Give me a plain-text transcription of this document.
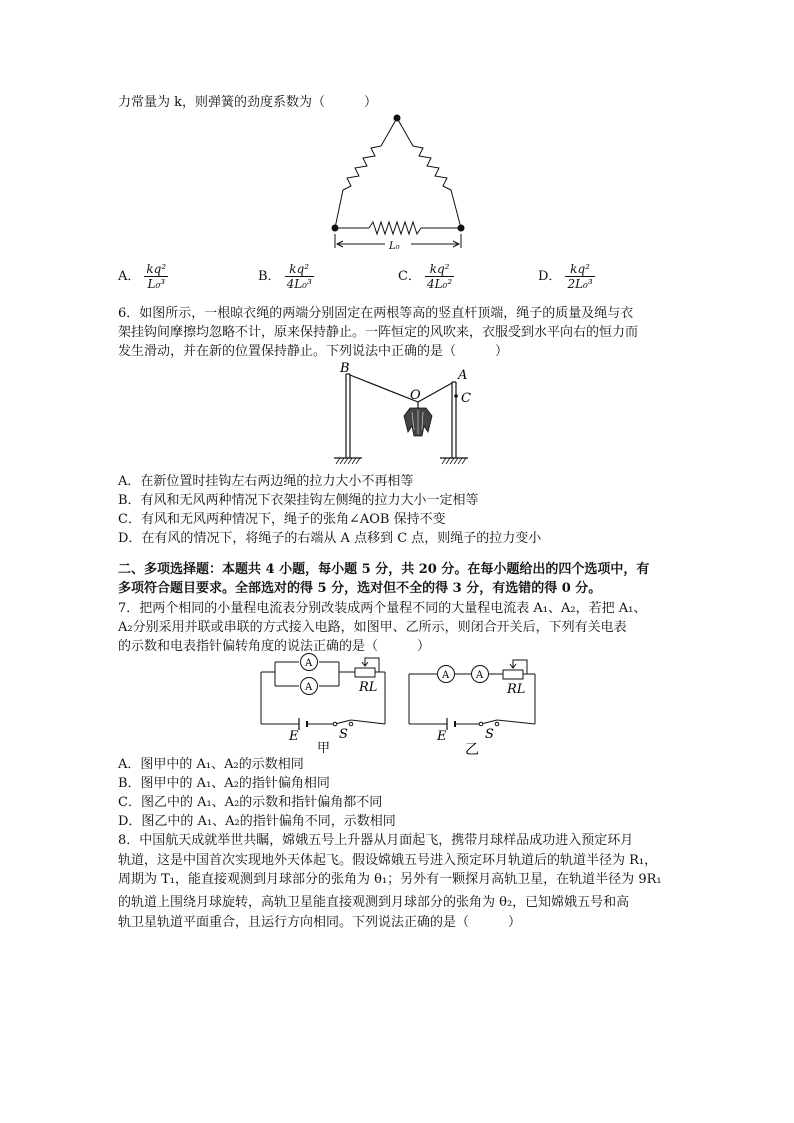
力常量为 k，则弹簧的劲度系数为（　　　）
L₀
A． $\frac{\text{kq²}}{\text{L₀³}}$	B． $\frac{\text{kq²}}{\text{4L₀³}}$	C． $\frac{\text{kq²}}{\text{4L₀²}}$	D． $\frac{\text{kq²}}{\text{2L₀³}}$
6．如图所示，一根晾衣绳的两端分别固定在两根等高的竖直杆顶端，绳子的质量及绳与衣
架挂钩间摩擦均忽略不计，原来保持静止。一阵恒定的风吹来，衣服受到水平向右的恒力而
发生滑动，并在新的位置保持静止。下列说法中正确的是（　　　）
B
O
A
C
A．在新位置时挂钩左右两边绳的拉力大小不再相等
B．有风和无风两种情况下衣架挂钩左侧绳的拉力大小一定相等
C．有风和无风两种情况下，绳子的张角∠AOB 保持不变
D．在有风的情况下，将绳子的右端从 A 点移到 C 点，则绳子的拉力变小
二、多项选择题：本题共 4 小题，每小题 5 分，共 20 分。在每小题给出的四个选项中，有
多项符合题目要求。全部选对的得 5 分，选对但不全的得 3 分，有选错的得 0 分。
7．把两个相同的小量程电流表分别改装成两个量程不同的大量程电流表 A₁、A₂，若把 A₁、
A₂分别采用并联或串联的方式接入电路，如图甲、乙所示，则闭合开关后，下列有关电表
的示数和电表指针偏转角度的说法正确的是（　　　）
A
A	RL
E	S
甲
A	A
RL
E	S
乙
A．图甲中的 A₁、A₂的示数相同
B．图甲中的 A₁、A₂的指针偏角相同
C．图乙中的 A₁、A₂的示数和指针偏角都不同
D．图乙中的 A₁、A₂的指针偏角不同，示数相同
8．中国航天成就举世共瞩，嫦娥五号上升器从月面起飞，携带月球样品成功进入预定环月
轨道，这是中国首次实现地外天体起飞。假设嫦娥五号进入预定环月轨道后的轨道半径为 R₁，
周期为 T₁，能直接观测到月球部分的张角为 θ₁；另外有一颗探月高轨卫星，在轨道半径为 9R₁
的轨道上围绕月球旋转，高轨卫星能直接观测到月球部分的张角为 θ₂，已知嫦娥五号和高
轨卫星轨道平面重合，且运行方向相同。下列说法正确的是（　　　）
